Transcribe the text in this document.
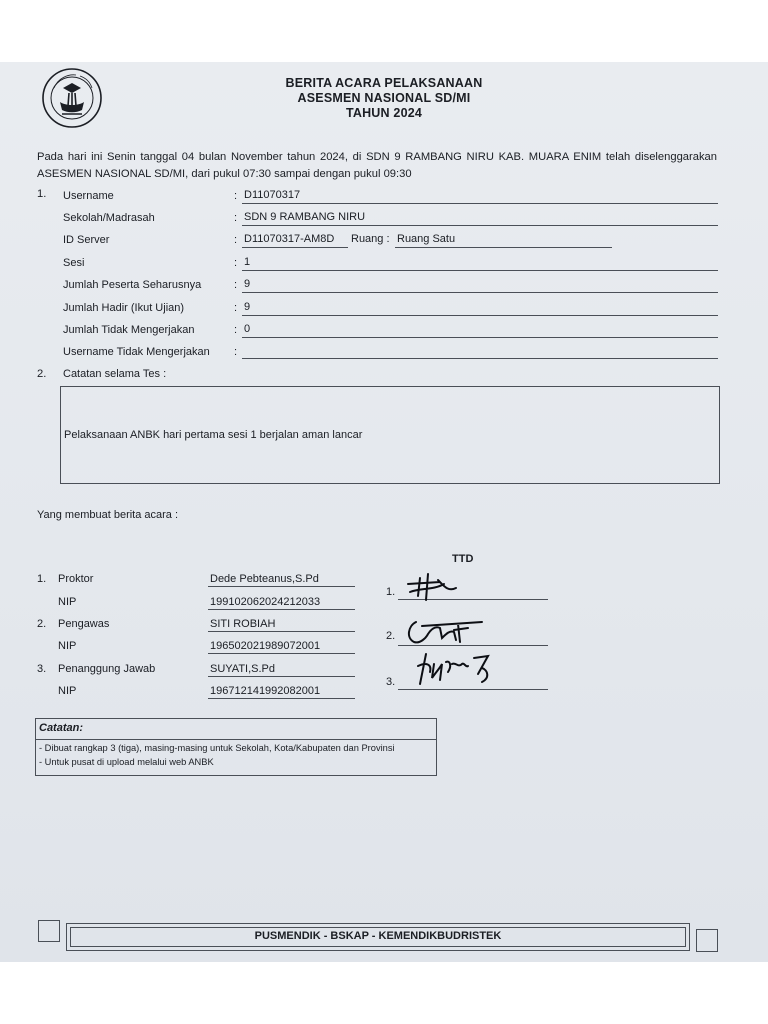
BERITA ACARA PELAKSANAAN
ASESMEN NASIONAL SD/MI
TAHUN 2024
Pada hari ini Senin tanggal 04 bulan November tahun 2024, di SDN 9 RAMBANG NIRU KAB. MUARA ENIM telah diselenggarakan ASESMEN NASIONAL SD/MI, dari pukul 07:30 sampai dengan pukul 09:30
1. Username	: D11070317
Sekolah/Madrasah	: SDN 9 RAMBANG NIRU
ID Server	: D11070317-AM8D Ruang : Ruang Satu
Sesi	: 1
Jumlah Peserta Seharusnya	: 9
Jumlah Hadir (Ikut Ujian)	: 9
Jumlah Tidak Mengerjakan	: 0
Username Tidak Mengerjakan :
2. Catatan selama Tes :
Pelaksanaan ANBK hari pertama sesi 1 berjalan aman lancar
Yang membuat berita acara :
TTD
1. Proktor	Dede Pebteanus,S.Pd
NIP	199102062024212033
1.
2. Pengawas	SITI ROBIAH
NIP	196502021989072001
2.
3. Penanggung Jawab	SUYATI,S.Pd
NIP	196712141992082001
3.
Catatan:
- Dibuat rangkap 3 (tiga), masing-masing untuk Sekolah, Kota/Kabupaten dan Provinsi
- Untuk pusat di upload melalui web ANBK
PUSMENDIK - BSKAP - KEMENDIKBUDRISTEK
